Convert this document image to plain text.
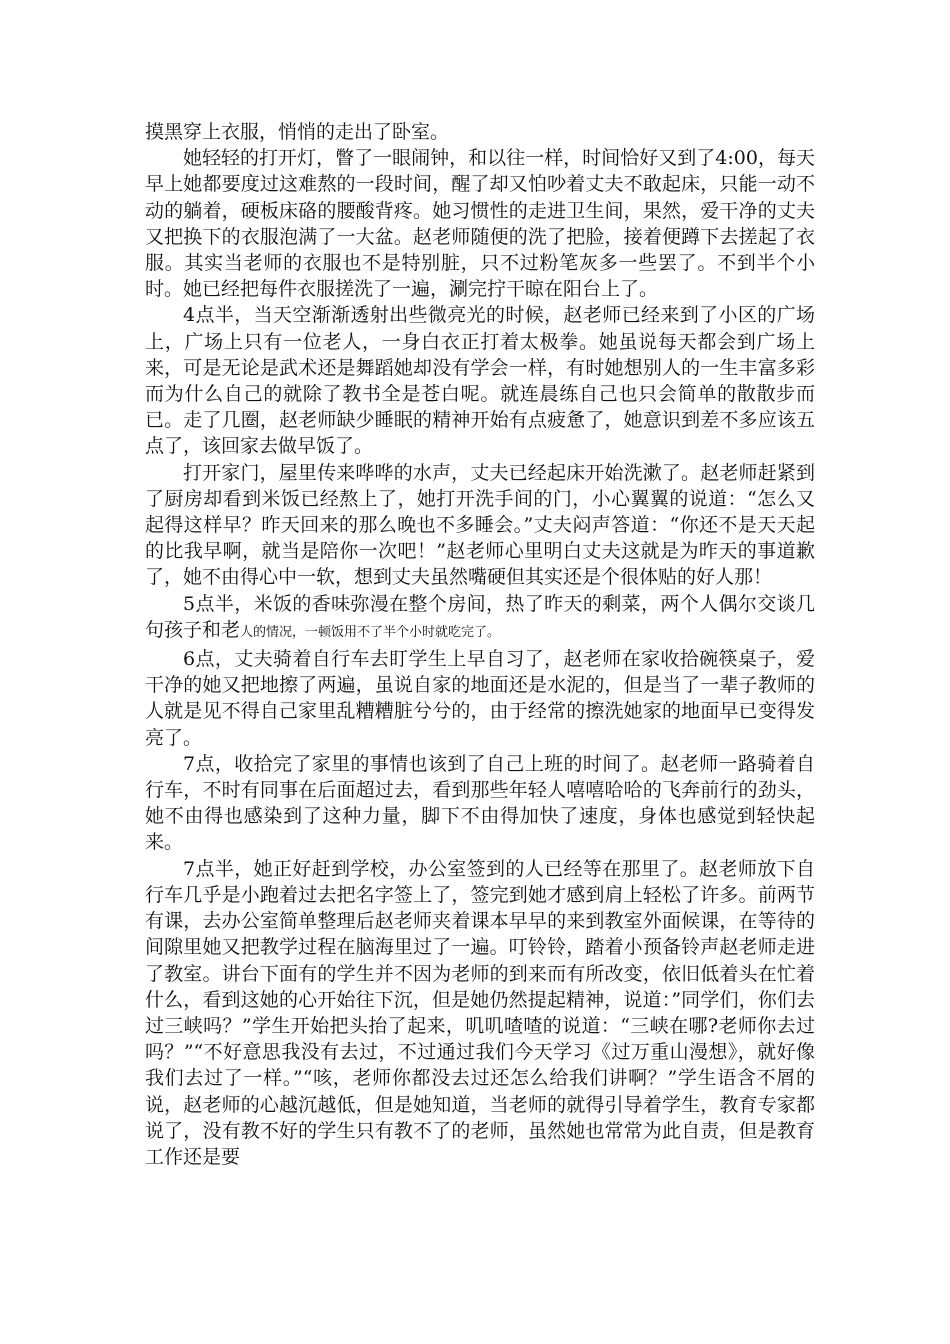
摸黑穿上衣服，悄悄的走出了卧室。

她轻轻的打开灯，瞥了一眼闹钟，和以往一样，时间恰好又到了4:00，每天早上她都要度过这难熬的一段时间，醒了却又怕吵着丈夫不敢起床，只能一动不动的躺着，硬板床硌的腰酸背疼。她习惯性的走进卫生间，果然，爱干净的丈夫又把换下的衣服泡满了一大盆。赵老师随便的洗了把脸，接着便蹲下去搓起了衣服。其实当老师的衣服也不是特别脏，只不过粉笔灰多一些罢了。不到半个小时。她已经把每件衣服搓洗了一遍，涮完拧干晾在阳台上了。

4点半，当天空渐渐透射出些微亮光的时候，赵老师已经来到了小区的广场上，广场上只有一位老人，一身白衣正打着太极拳。她虽说每天都会到广场上来，可是无论是武术还是舞蹈她却没有学会一样，有时她想别人的一生丰富多彩而为什么自己的就除了教书全是苍白呢。就连晨练自己也只会简单的散散步而已。走了几圈，赵老师缺少睡眠的精神开始有点疲惫了，她意识到差不多应该五点了，该回家去做早饭了。

打开家门，屋里传来哗哗的水声，丈夫已经起床开始洗漱了。赵老师赶紧到了厨房却看到米饭已经熬上了，她打开洗手间的门，小心翼翼的说道：“怎么又起得这样早？昨天回来的那么晚也不多睡会。”丈夫闷声答道：“你还不是天天起的比我早啊，就当是陪你一次吧！”赵老师心里明白丈夫这就是为昨天的事道歉了，她不由得心中一软，想到丈夫虽然嘴硬但其实还是个很体贴的好人那！

5点半，米饭的香味弥漫在整个房间，热了昨天的剩菜，两个人偶尔交谈几句孩子和老人的情况，一顿饭用不了半个小时就吃完了。

6点，丈夫骑着自行车去盯学生上早自习了，赵老师在家收拾碗筷桌子，爱干净的她又把地擦了两遍，虽说自家的地面还是水泥的，但是当了一辈子教师的人就是见不得自己家里乱糟糟脏兮兮的，由于经常的擦洗她家的地面早已变得发亮了。

7点，收拾完了家里的事情也该到了自己上班的时间了。赵老师一路骑着自行车，不时有同事在后面超过去，看到那些年轻人嘻嘻哈哈的飞奔前行的劲头，她不由得也感染到了这种力量，脚下不由得加快了速度，身体也感觉到轻快起来。

7点半，她正好赶到学校，办公室签到的人已经等在那里了。赵老师放下自行车几乎是小跑着过去把名字签上了，签完到她才感到肩上轻松了许多。前两节有课，去办公室简单整理后赵老师夹着课本早早的来到教室外面候课，在等待的间隙里她又把教学过程在脑海里过了一遍。叮铃铃，踏着小预备铃声赵老师走进了教室。讲台下面有的学生并不因为老师的到来而有所改变，依旧低着头在忙着什么，看到这她的心开始往下沉，但是她仍然提起精神，说道：”同学们，你们去过三峡吗？”学生开始把头抬了起来，叽叽喳喳的说道：“三峡在哪?老师你去过吗？”“不好意思我没有去过，不过通过我们今天学习《过万重山漫想》，就好像我们去过了一样。”“咳，老师你都没去过还怎么给我们讲啊？”学生语含不屑的说，赵老师的心越沉越低，但是她知道，当老师的就得引导着学生，教育专家都说了，没有教不好的学生只有教不了的老师，虽然她也常常为此自责，但是教育工作还是要
